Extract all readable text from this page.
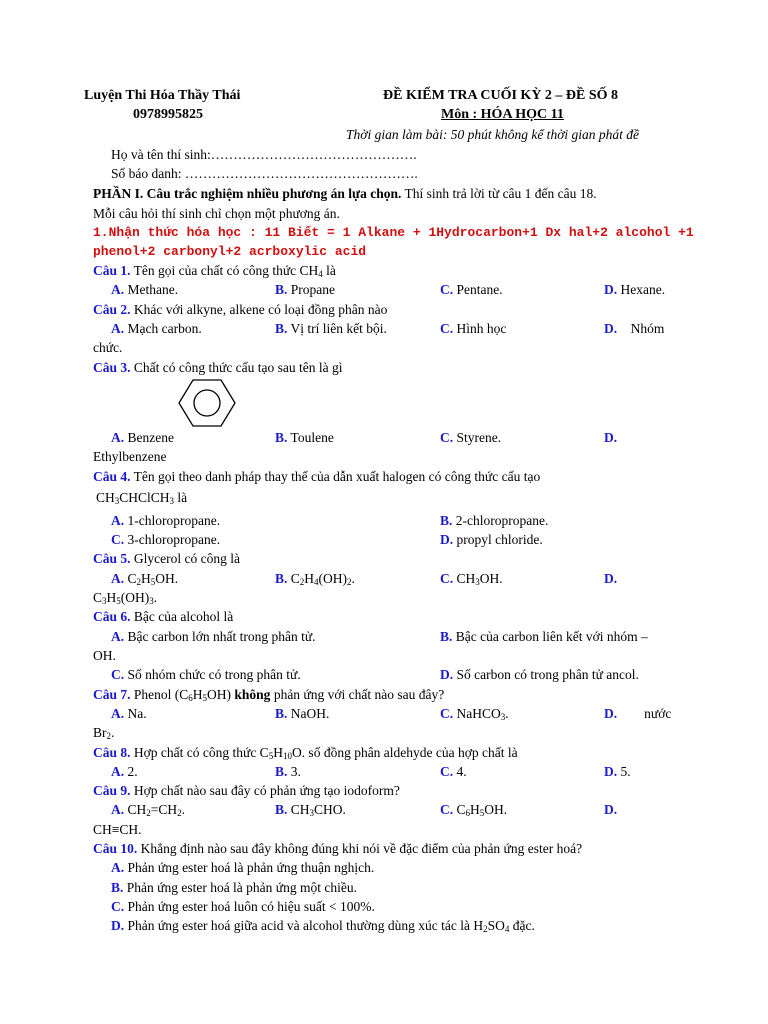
Luyện Thi Hóa Thầy Thái
0978995825
ĐỀ KIỂM TRA CUỐI KỲ 2 – ĐỀ SỐ 8
Môn : HÓA HỌC 11
Thời gian làm bài: 50 phút không kể thời gian phát đề
Họ và tên thí sinh:……………………………………….
Số báo danh: …………………………………………….
PHẦN I. Câu trắc nghiệm nhiều phương án lựa chọn. Thí sinh trả lời từ câu 1 đến câu 18.
Mỗi câu hỏi thí sinh chỉ chọn một phương án.
1.Nhận thức hóa học : 11 Biết = 1 Alkane + 1Hydrocarbon+1 Dx hal+2 alcohol +1
phenol+2 carbonyl+2 acrboxylic acid
Câu 1. Tên gọi của chất có công thức $CH_4$ là
A. Methane.	B. Propane	C. Pentane.	D. Hexane.
Câu 2. Khác với alkyne, alkene có loại đồng phân nào
A. Mạch carbon.	B. Vị trí liên kết bội.	C. Hình học	D. Nhóm
chức.
Câu 3. Chất có công thức cấu tạo sau tên là gì
A. Benzene	B. Toulene	C. Styrene.	D.
Ethylbenzene
Câu 4. Tên gọi theo danh pháp thay thế của dẫn xuất halogen có công thức cấu tạo
$CH_3CHClCH_3$ là
A. 1-chloropropane.	B. 2-chloropropane.
C. 3-chloropropane.	D. propyl chloride.
Câu 5. Glycerol có công là
A. $C_2H_5OH$.	B. $C_2H_4(OH)_2$.	C. $CH_3OH$.	D.
$C_3H_5(OH)_3$.
Câu 6. Bậc của alcohol là
A. Bậc carbon lớn nhất trong phân tử.	B. Bậc của carbon liên kết với nhóm –
OH.
C. Số nhóm chức có trong phân tử.	D. Số carbon có trong phân tử ancol.
Câu 7. Phenol $(C_6H_5OH)$ không phản ứng với chất nào sau đây?
A. Na.	B. NaOH.	C. NaHCO$_3$.	D. nước
$Br_2$.
Câu 8. Hợp chất có công thức $C_5H_{10}O$. số đồng phân aldehyde của hợp chất là
A. 2.	B. 3.	C. 4.	D. 5.
Câu 9. Hợp chất nào sau đây có phản ứng tạo iodoform?
A. $CH_2=CH_2$.	B. $CH_3CHO$.	C. $C_6H_5OH$.	D.
CH≡CH.
Câu 10. Khẳng định nào sau đây không đúng khi nói về đặc điểm của phản ứng ester hoá?
A. Phản ứng ester hoá là phản ứng thuận nghịch.
B. Phản ứng ester hoá là phản ứng một chiều.
C. Phản ứng ester hoá luôn có hiệu suất < 100%.
D. Phản ứng ester hoá giữa acid và alcohol thường dùng xúc tác là $H_2SO_4$ đặc.
